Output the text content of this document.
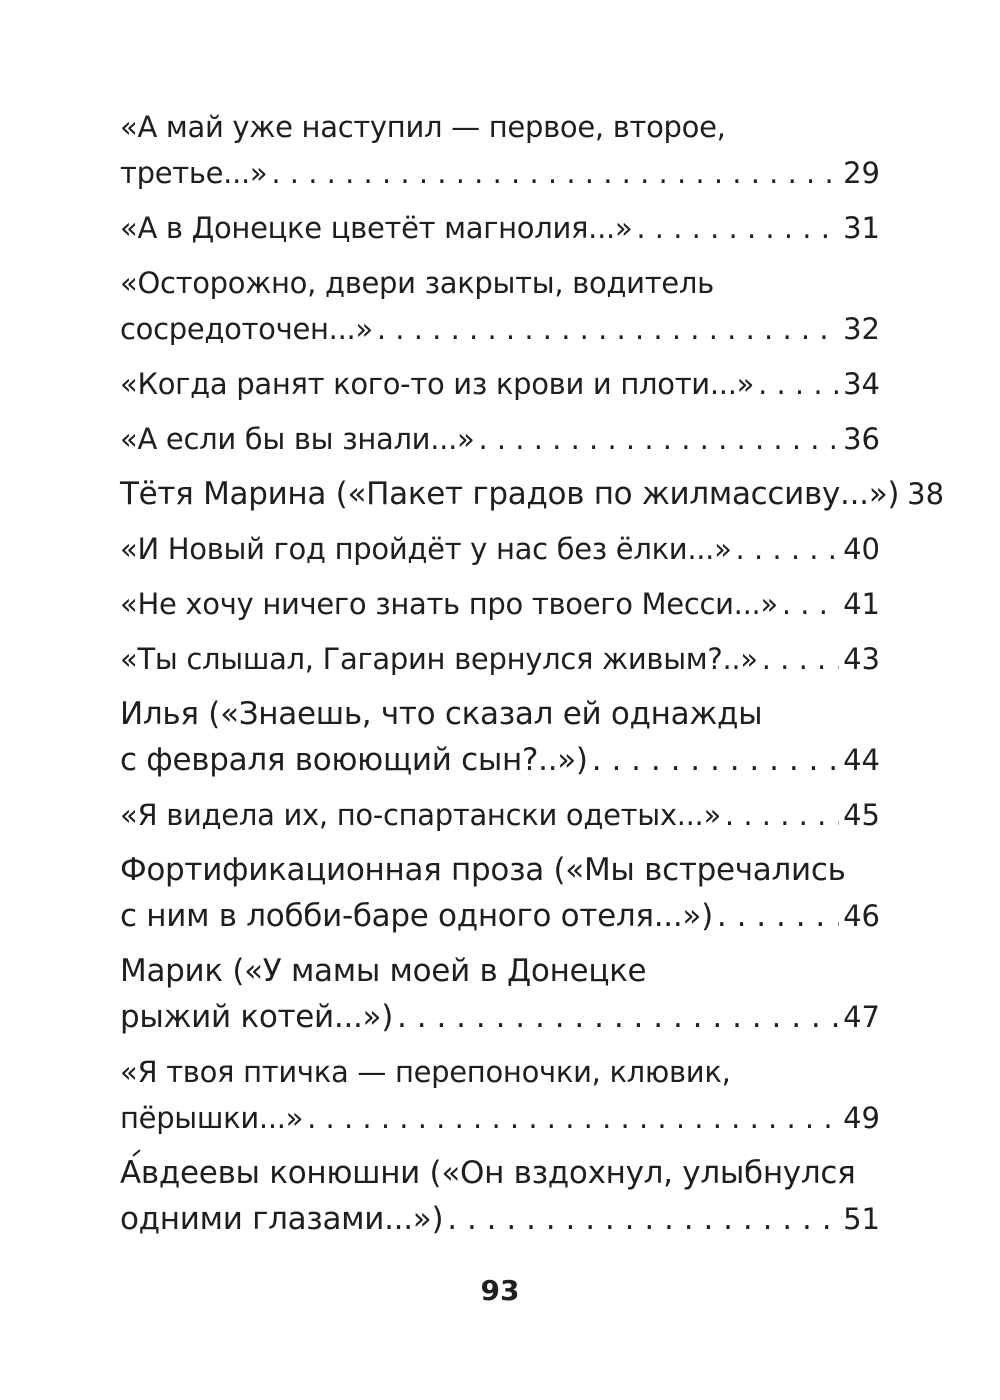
«А май уже наступил — первое, второе,
третье...» . . .	29
«А в Донецке цветёт магнолия...» . . .	31
«Осторожно, двери закрыты, водитель
сосредоточен...» . . .	32
«Когда ранят кого-то из крови и плоти...» . . .	34
«А если бы вы знали...» . . .	36
Тётя Марина («Пакет градов по жилмассиву...») 38
«И Новый год пройдёт у нас без ёлки...» . . .	40
«Не хочу ничего знать про твоего Месси...» . . . 41
«Ты слышал, Гагарин вернулся живым?..» . . .	43
Илья («Знаешь, что сказал ей однажды
с февраля воюющий сын?..») . . .	44
«Я видела их, по-спартански одетых...» . . .	45
Фортификационная проза («Мы встречались
с ним в лобби-баре одного отеля...») . . .	46
Марик («У мамы моей в Донецке
рыжий котей...») . . .	47
«Я твоя птичка — перепоночки, клювик,
пёрышки...» . . .	49
Авдеевы конюшни («Он вздохнул, улыбнулся
одними глазами...») . . .	51
93
